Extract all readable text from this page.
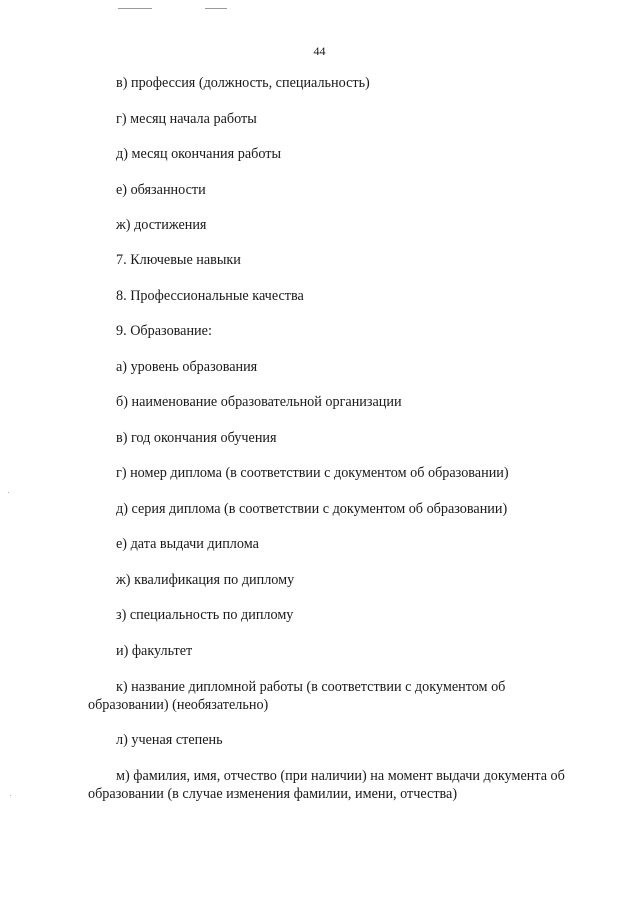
44
в) профессия (должность, специальность)
г) месяц начала работы
д) месяц окончания работы
е) обязанности
ж) достижения
7. Ключевые навыки
8. Профессиональные качества
9. Образование:
а) уровень образования
б) наименование образовательной организации
в) год окончания обучения
г) номер диплома (в соответствии с документом об образовании)
д) серия диплома (в соответствии с документом об образовании)
е) дата выдачи диплома
ж) квалификация по диплому
з) специальность по диплому
и) факультет
к) название дипломной работы (в соответствии с документом об образовании) (необязательно)
л) ученая степень
м) фамилия, имя, отчество (при наличии) на момент выдачи документа об образовании (в случае изменения фамилии, имени, отчества)
